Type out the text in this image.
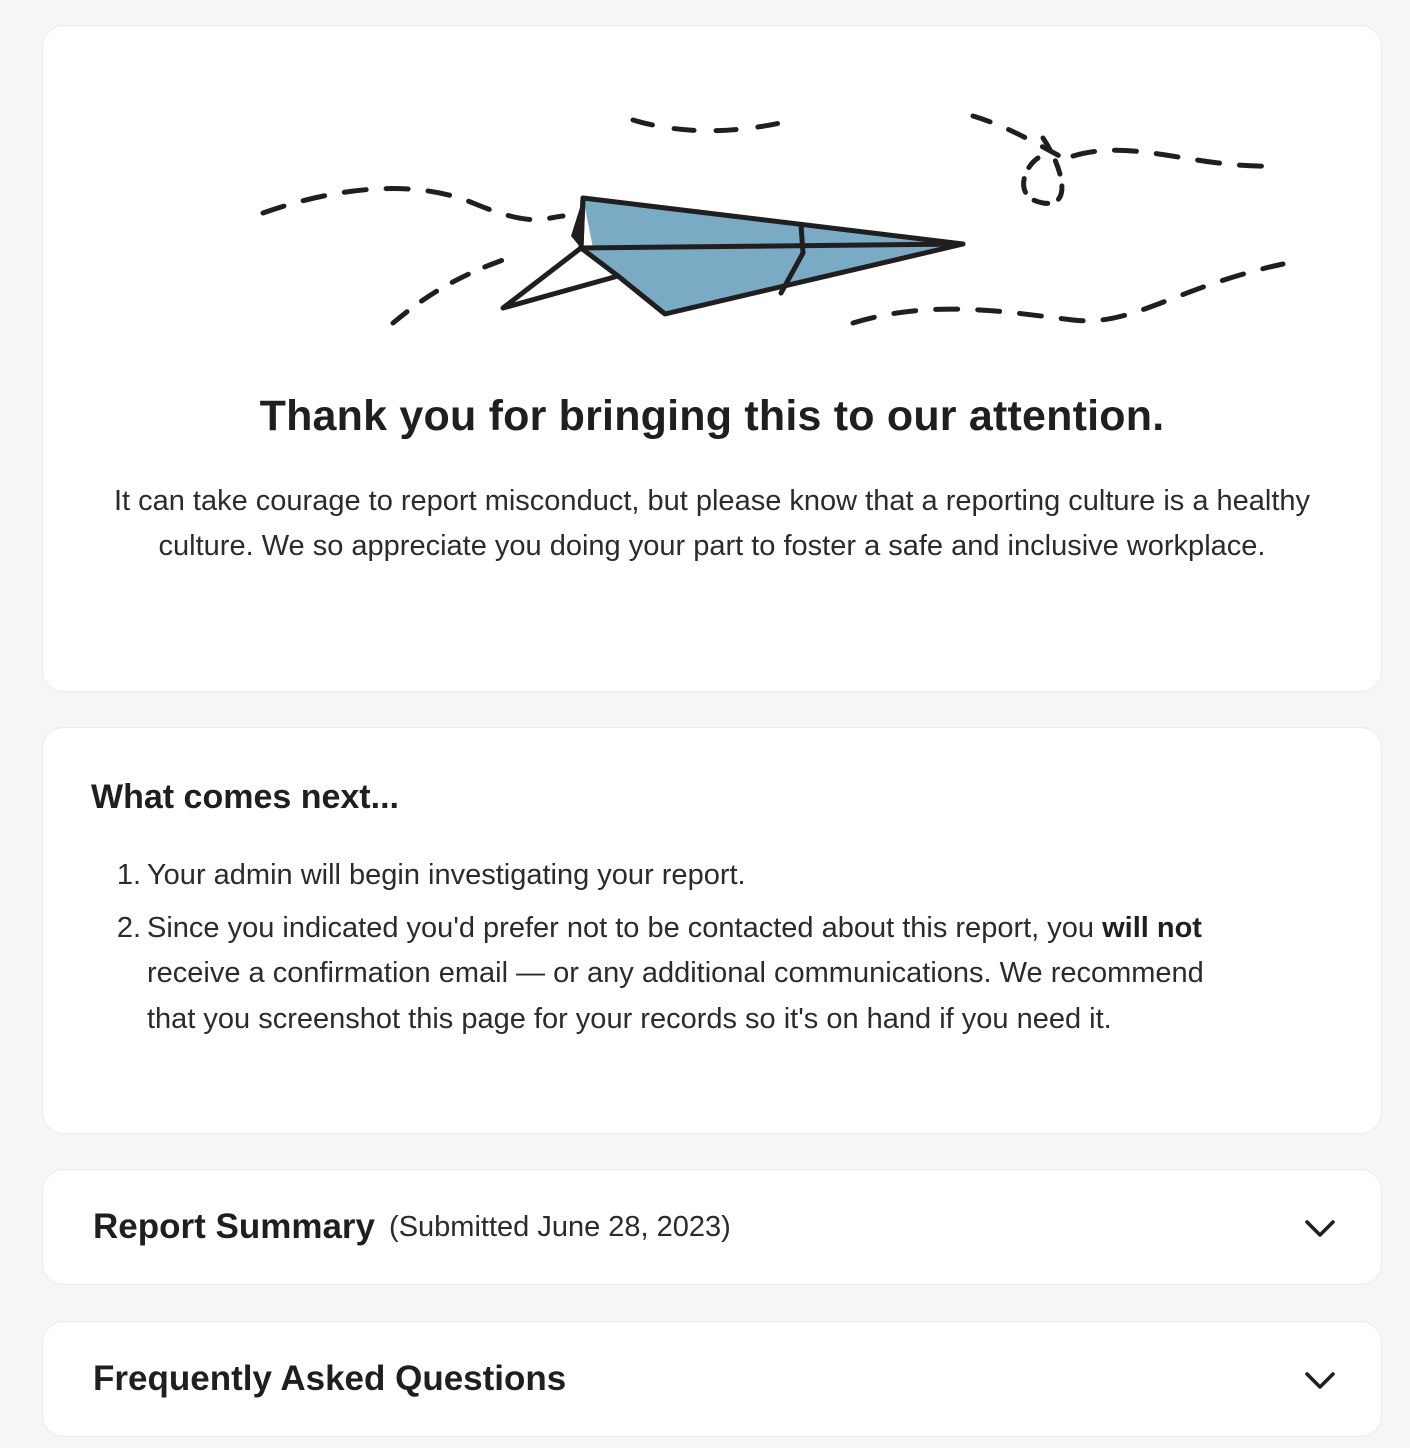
Thank you for bringing this to our attention.

It can take courage to report misconduct, but please know that a reporting culture is a healthy culture. We so appreciate you doing your part to foster a safe and inclusive workplace.

What comes next...
1. Your admin will begin investigating your report.
2. Since you indicated you'd prefer not to be contacted about this report, you will not receive a confirmation email — or any additional communications. We recommend that you screenshot this page for your records so it's on hand if you need it.
Report Summary (Submitted June 28, 2023)
Frequently Asked Questions
